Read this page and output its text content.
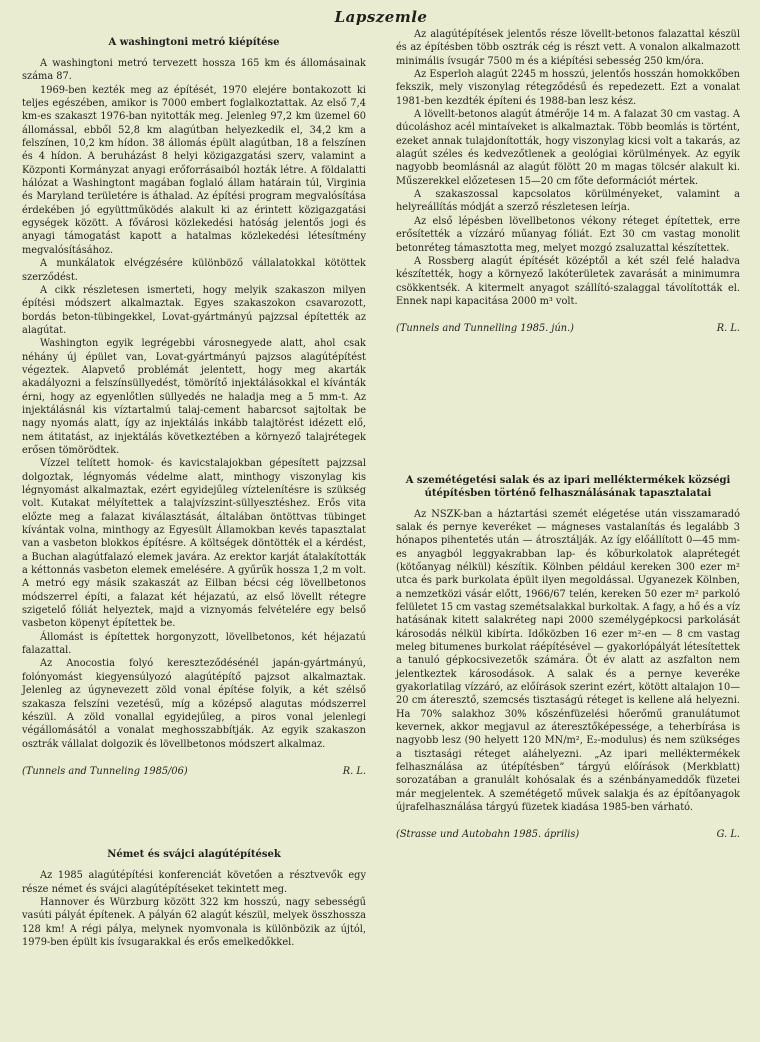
Lapszemle
A washingtoni metró kiépítése

A washingtoni metró tervezett hossza 165 km és állomásainak száma 87.

1969-ben kezték meg az építését, 1970 elejére bontakozott ki teljes egészében, amikor is 7000 embert foglalkoztattak. Az első 7,4 km-es szakaszt 1976-ban nyitották meg. Jelenleg 97,2 km üzemel 60 állomással, ebből 52,8 km alagútban helyezkedik el, 34,2 km a felszínen, 10,2 km hídon. 38 állomás épült alagútban, 18 a felszínen és 4 hídon. A beruházást 8 helyi közigazgatási szerv, valamint a Központi Kormányzat anyagi erőforrásaiból hozták létre. A földalatti hálózat a Washingtont magában foglaló állam határain túl, Virginia és Maryland területére is áthalad. Az építési program megvalósítása érdekében jó együttműködés alakult ki az érintett közigazgatási egységek között. A fővárosi közlekedési hatóság jelentős jogi és anyagi támogatást kapott a hatalmas közlekedési létesítmény megvalósításához.

A munkálatok elvégzésére különböző vállalatokkal kötöttek szerződést.

A cikk részletesen ismerteti, hogy melyik szakaszon milyen építési módszert alkalmaztak. Egyes szakaszokon csavarozott, bordás beton-tübingekkel, Lovat-gyártmányú pajzzsal építették az alagútat.

Washington egyik legrégebbi városnegyede alatt, ahol csak néhány új épület van, Lovat-gyártmányú pajzsos alagútépítést végeztek. Alapvető problémát jelentett, hogy meg akarták akadályozni a felszínsüllyedést, tömörítő injektálásokkal el kívánták érni, hogy az egyenlőtlen süllyedés ne haladja meg a 5 mm-t. Az injektálásnál kis víztartalmú talaj-cement habarcsot sajtoltak be nagy nyomás alatt, így az injektálás inkább talajtörést idézett elő, nem átitatást, az injektálás következtében a környező talajrétegek erősen tömörödtek.

Vízzel telített homok- és kavicstalajokban gépesített pajzzsal dolgoztak, légnyomás védelme alatt, minthogy viszonylag kis légnyomást alkalmaztak, ezért egyidejűleg víztelenítésre is szükség volt. Kutakat mélyítettek a talajvízszint-süllyesztéshez. Erős vita előzte meg a falazat kiválasztását, általában öntöttvas tübinget kívántak volna, minthogy az Egyesült Államokban kevés tapasztalat van a vasbeton blokkos építésre. A költségek döntötték el a kérdést, a Buchan alagútfalazó elemek javára. Az erektor karját átalakították a kéttonnás vasbeton elemek emelésére. A gyűrűk hossza 1,2 m volt. A metró egy másik szakaszát az Eilban bécsi cég lövellbetonos módszerrel építi, a falazat két héjazatú, az első lövellt rétegre szigetelő fóliát helyeztek, majd a viznyomás felvételére egy belső vasbeton köpenyt építettek be.

Állomást is építettek horgonyzott, lövellbetonos, két héjazatú falazattal.

Az Anocostia folyó kereszteződésénél japán-gyártmányú, folónyomást kiegyensúlyozó alagútépítő pajzsot alkalmaztak. Jelenleg az úgynevezett zöld vonal építése folyik, a két szélső szakasza felszíni vezetésű, míg a középső alagutas módszerrel készül. A zöld vonallal egyidejűleg, a piros vonal jelenlegi végállomásától a vonalat meghosszabbítják. Az egyik szakaszon osztrák vállalat dolgozik és lövellbetonos módszert alkalmaz.

(Tunnels and Tunneling 1985/06)	R. L.
Német és svájci alagútépítések

Az 1985 alagútépítési konferenciát követően a résztvevők egy része német és svájci alagútépítéseket tekintett meg.

Hannover és Würzburg között 322 km hosszú, nagy sebességű vasúti pályát építenek. A pályán 62 alagút készül, melyek összhossza 128 km! A régi pálya, melynek nyomvonala is különbözik az újtól, 1979-ben épült kis ívsugarakkal és erős emelkedőkkel.

Az alagútépítések jelentős része lövellt-betonos falazattal készül és az építésben több osztrák cég is részt vett. A vonalon alkalmazott minimális ívsugár 7500 m és a kiépítési sebesség 250 km/óra.

Az Esperloh alagút 2245 m hosszú, jelentős hosszán homokkőben fekszik, mely viszonylag rétegződésű és repedezett. Ezt a vonalat 1981-ben kezdték építeni és 1988-ban lesz kész.

A lövellt-betonos alagút átmérője 14 m. A falazat 30 cm vastag. A dúcoláshoz acél mintaíveket is alkalmaztak. Több beomlás is történt, ezeket annak tulajdonították, hogy viszonylag kicsi volt a takarás, az alagút széles és kedvezőtlenek a geológiai körülmények. Az egyik nagyobb beomlásnál az alagút fölött 20 m magas tölcsér alakult ki. Műszerekkel előzetesen 15—20 cm főte deformációt mértek.

A szakaszossal kapcsolatos körülményeket, valamint a helyreállítás módját a szerző részletesen leírja.

Az első lépésben lövellbetonos vékony réteget építettek, erre erősítették a vízzáró műanyag fóliát. Ezt 30 cm vastag monolit betonréteg támasztotta meg, melyet mozgó zsaluzattal készítettek.

A Rossberg alagút építését középtől a két szél felé haladva készítették, hogy a környező lakóterületek zavarását a minimumra csökkentsék. A kitermelt anyagot szállító-szalaggal távolították el. Ennek napi kapacitása 2000 m³ volt.

(Tunnels and Tunnelling 1985. jún.)	R. L.
A szemétégetési salak és az ipari melléktermékek községi útépítésben történő felhasználásának tapasztalatai

Az NSZK-ban a háztartási szemét elégetése után visszamaradó salak és pernye keveréket — mágneses vastalanítás és legalább 3 hónapos pihentetés után — átrosztálják. Az így előállított 0—45 mm-es anyagból leggyakrabban lap- és kőburkolatok alaprétegét (kötőanyag nélkül) készítik. Kölnben például kereken 300 ezer m² utca és park burkolata épült ilyen megoldással. Ugyanezek Kölnben, a nemzetközi vásár előtt, 1966/67 telén, kereken 50 ezer m² parkoló felületet 15 cm vastag szemétsalakkal burkoltak. A fagy, a hő és a víz hatásának kitett salakréteg napi 2000 személygépkocsi parkolását károsodás nélkül kibírta. Időközben 16 ezer m²-en — 8 cm vastag meleg bitumenes burkolat ráépítésével — gyakorlópályát létesítettek a tanuló gépkocsivezetők számára. Öt év alatt az aszfalton nem jelentkeztek károsodások. A salak és a pernye keveréke gyakorlatilag vízzáró, az előírások szerint ezért, kötött altalajon 10—20 cm áteresztő, szemcsés tisztaságú réteget is kellene alá helyezni. Ha 70% salakhoz 30% kőszénfüzelési hőerőmű granulátumot kevernek, akkor megjavul az áteresztőképessége, a teherbírása is nagyobb lesz (90 helyett 120 MN/m², E₂-modulus) és nem szükséges a tisztasági réteget aláhelyezni. „Az ipari melléktermékek felhasználása az útépítésben” tárgyú előírások (Merkblatt) sorozatában a granulált kohósalak és a szénbányameddők füzetei már megjelentek. A szemétégető művek salakja és az építőanyagok újrafelhasználása tárgyú füzetek kiadása 1985-ben várható.

(Strasse und Autobahn 1985. április)	G. L.
